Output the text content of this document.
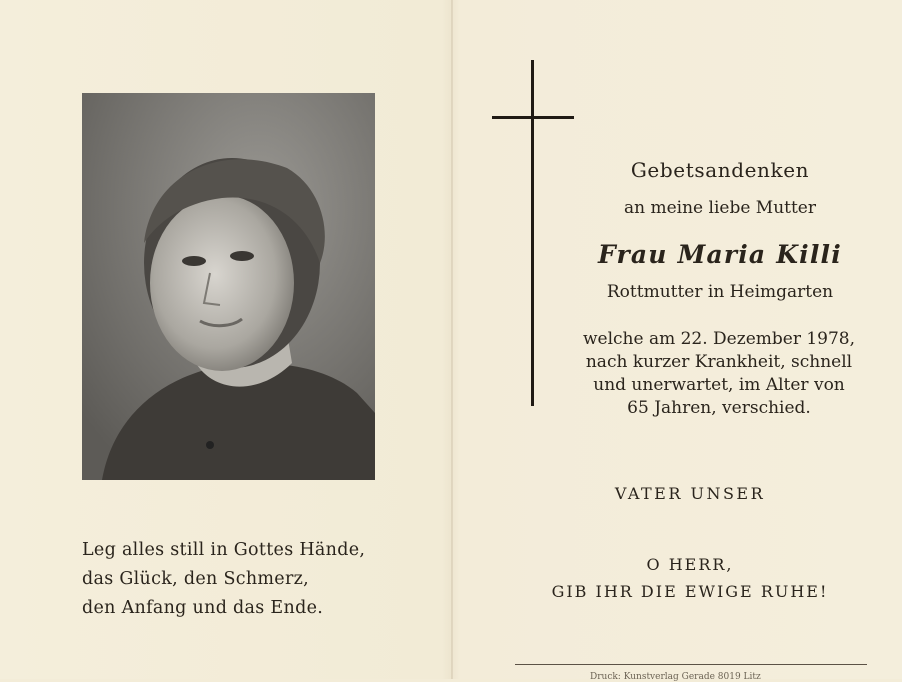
Leg alles still in Gottes Hände,
das Glück, den Schmerz,
den Anfang und das Ende.
Gebetsandenken
an meine liebe Mutter
Frau Maria Killi
Rottmutter in Heimgarten
welche am 22. Dezember 1978,
nach kurzer Krankheit, schnell
und unerwartet, im Alter von
65 Jahren, verschied.
VATER UNSER
O HERR,
GIB IHR DIE EWIGE RUHE!
Druck: Kunstverlag Gerade 8019 Litz
